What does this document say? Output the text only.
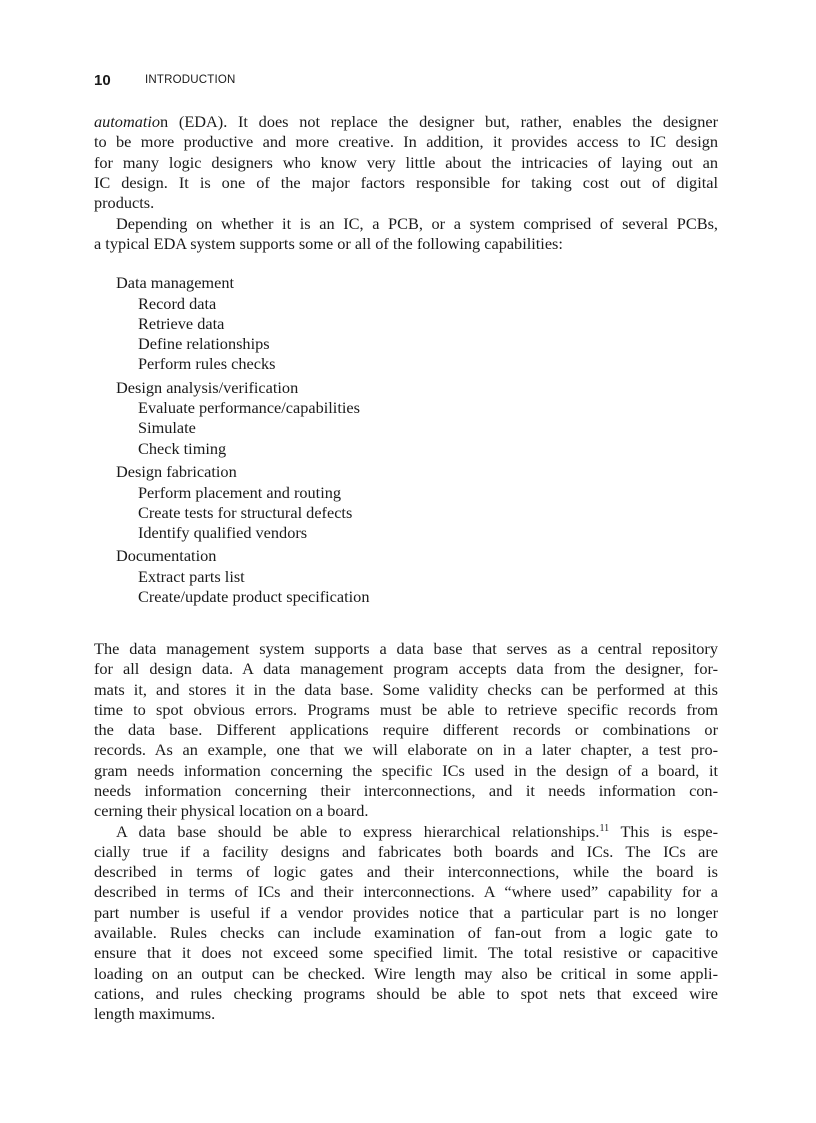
10	INTRODUCTION
automation (EDA). It does not replace the designer but, rather, enables the designer
to be more productive and more creative. In addition, it provides access to IC design
for many logic designers who know very little about the intricacies of laying out an
IC design. It is one of the major factors responsible for taking cost out of digital
products.
Depending on whether it is an IC, a PCB, or a system comprised of several PCBs,
a typical EDA system supports some or all of the following capabilities:
Data management
Record data
Retrieve data
Define relationships
Perform rules checks
Design analysis/verification
Evaluate performance/capabilities
Simulate
Check timing
Design fabrication
Perform placement and routing
Create tests for structural defects
Identify qualified vendors
Documentation
Extract parts list
Create/update product specification
The data management system supports a data base that serves as a central repository
for all design data. A data management program accepts data from the designer, for-
mats it, and stores it in the data base. Some validity checks can be performed at this
time to spot obvious errors. Programs must be able to retrieve specific records from
the data base. Different applications require different records or combinations or
records. As an example, one that we will elaborate on in a later chapter, a test pro-
gram needs information concerning the specific ICs used in the design of a board, it
needs information concerning their interconnections, and it needs information con-
cerning their physical location on a board.
A data base should be able to express hierarchical relationships.$^{11}$ This is espe-
cially true if a facility designs and fabricates both boards and ICs. The ICs are
described in terms of logic gates and their interconnections, while the board is
described in terms of ICs and their interconnections. A “where used” capability for a
part number is useful if a vendor provides notice that a particular part is no longer
available. Rules checks can include examination of fan-out from a logic gate to
ensure that it does not exceed some specified limit. The total resistive or capacitive
loading on an output can be checked. Wire length may also be critical in some appli-
cations, and rules checking programs should be able to spot nets that exceed wire
length maximums.
